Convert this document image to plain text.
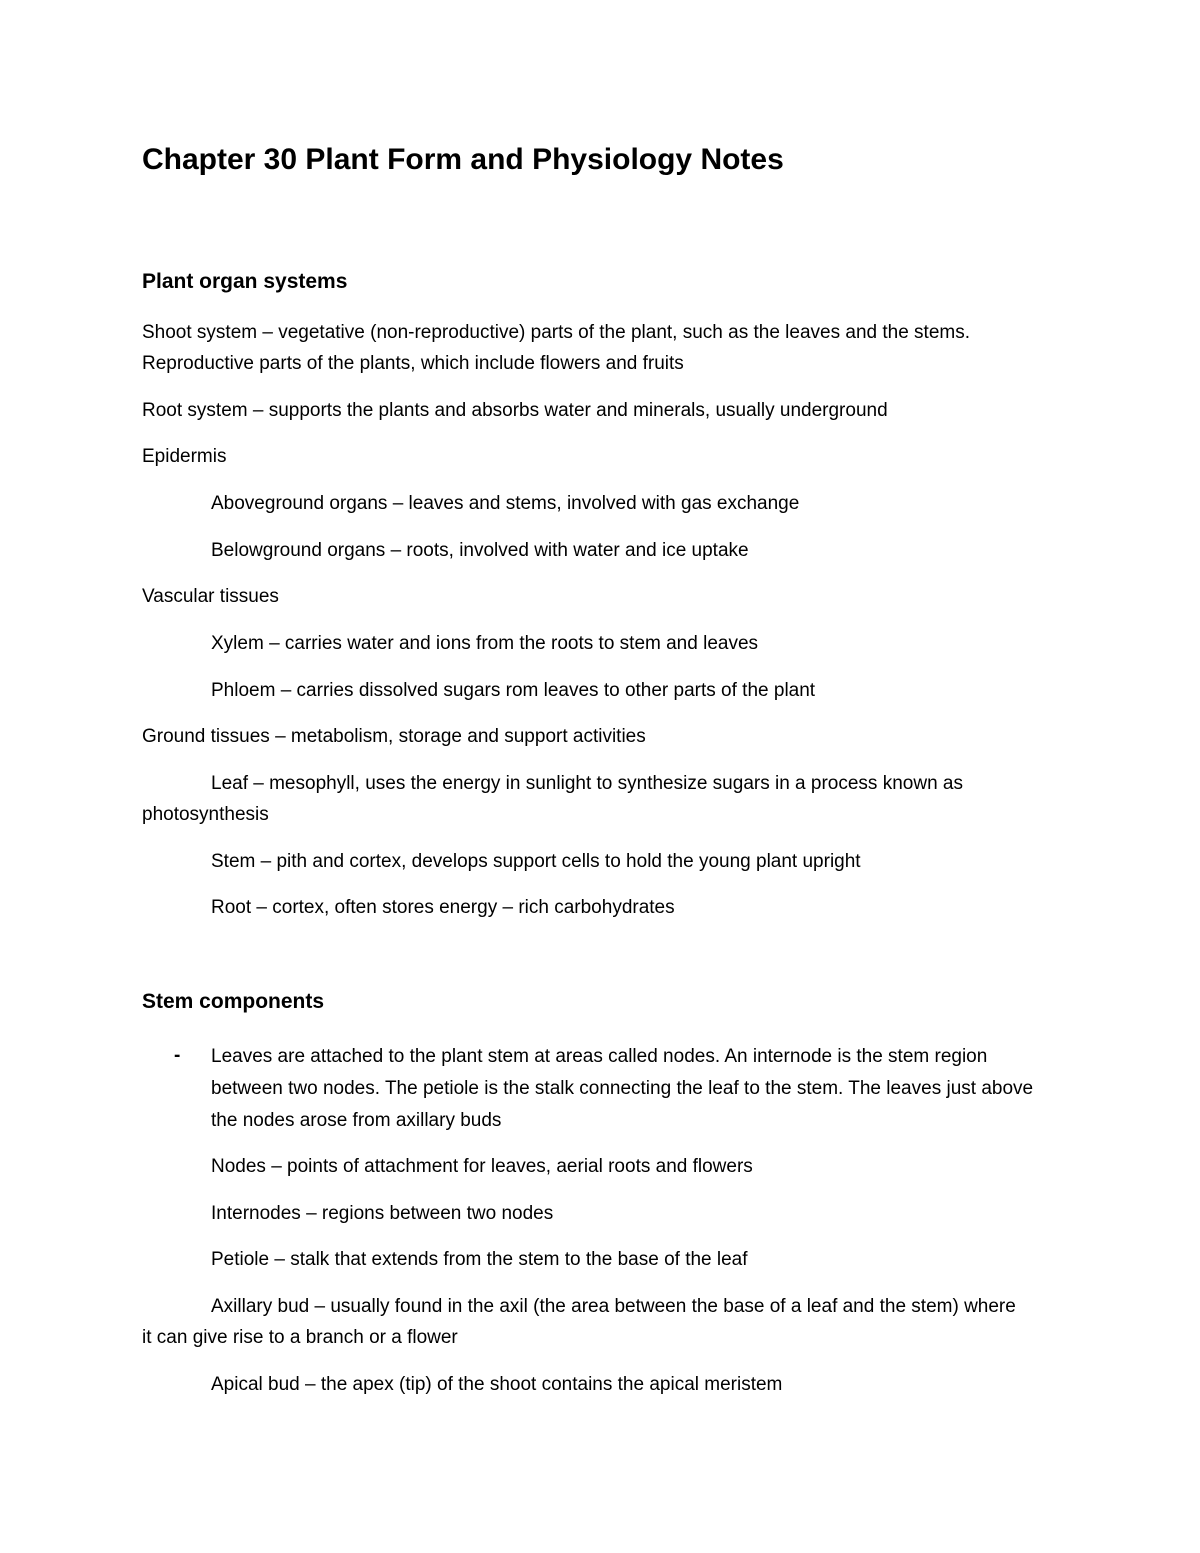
Chapter 30 Plant Form and Physiology Notes
Plant organ systems

Shoot system – vegetative (non-reproductive) parts of the plant, such as the leaves and the stems. Reproductive parts of the plants, which include flowers and fruits

Root system – supports the plants and absorbs water and minerals, usually underground

Epidermis

Aboveground organs – leaves and stems, involved with gas exchange

Belowground organs – roots, involved with water and ice uptake

Vascular tissues

Xylem – carries water and ions from the roots to stem and leaves

Phloem – carries dissolved sugars rom leaves to other parts of the plant

Ground tissues – metabolism, storage and support activities

Leaf – mesophyll, uses the energy in sunlight to synthesize sugars in a process known as photosynthesis

Stem – pith and cortex, develops support cells to hold the young plant upright

Root – cortex, often stores energy – rich carbohydrates

Stem components
- Leaves are attached to the plant stem at areas called nodes. An internode is the stem region between two nodes. The petiole is the stalk connecting the leaf to the stem. The leaves just above the nodes arose from axillary buds

Nodes – points of attachment for leaves, aerial roots and flowers

Internodes – regions between two nodes

Petiole – stalk that extends from the stem to the base of the leaf

Axillary bud – usually found in the axil (the area between the base of a leaf and the stem) where it can give rise to a branch or a flower

Apical bud – the apex (tip) of the shoot contains the apical meristem
